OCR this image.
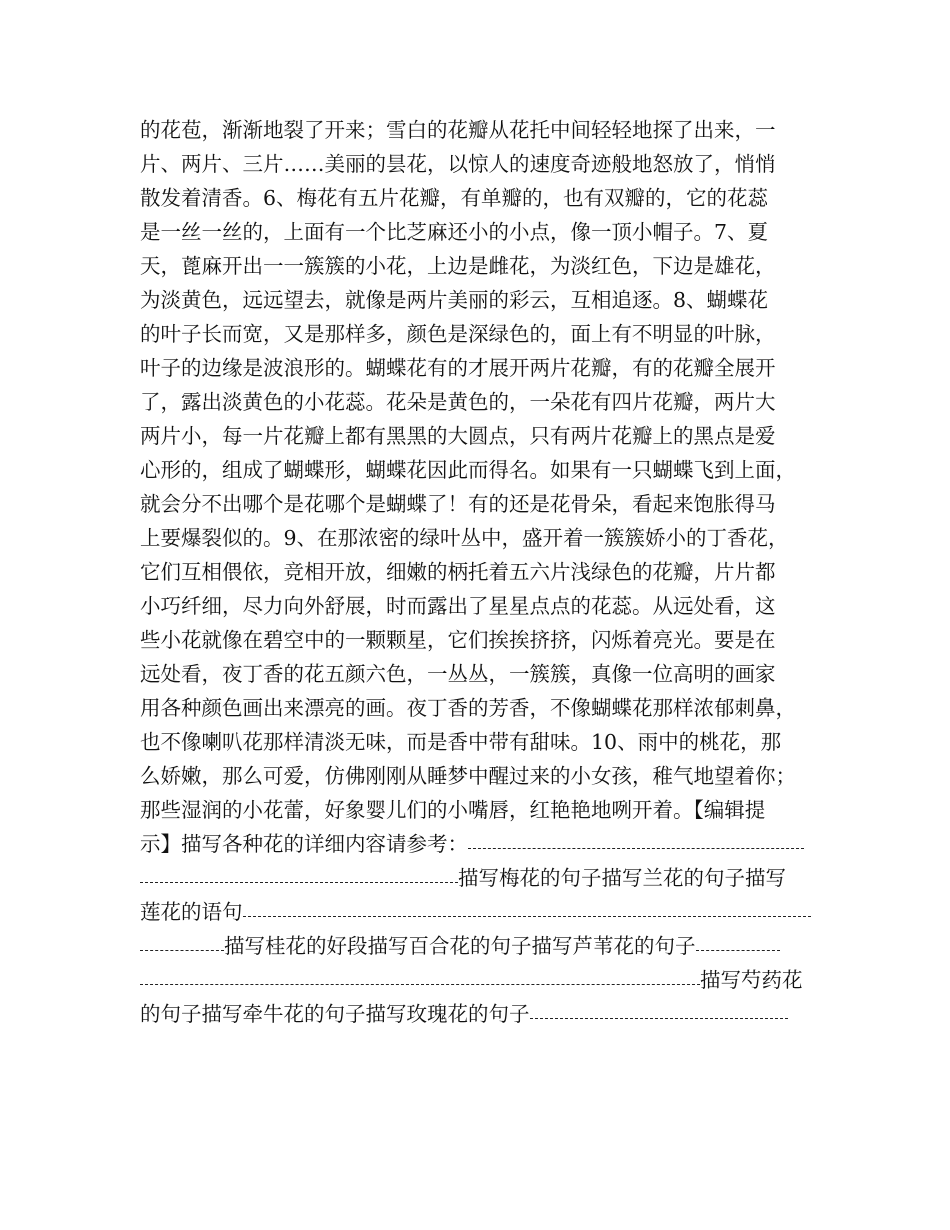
的花苞，渐渐地裂了开来；雪白的花瓣从花托中间轻轻地探了出来，一
片、两片、三片……美丽的昙花，以惊人的速度奇迹般地怒放了，悄悄
散发着清香。6、梅花有五片花瓣，有单瓣的，也有双瓣的，它的花蕊
是一丝一丝的，上面有一个比芝麻还小的小点，像一顶小帽子。7、夏
天，蓖麻开出一一簇簇的小花，上边是雌花，为淡红色，下边是雄花，
为淡黄色，远远望去，就像是两片美丽的彩云，互相追逐。8、蝴蝶花
的叶子长而宽，又是那样多，颜色是深绿色的，面上有不明显的叶脉，
叶子的边缘是波浪形的。蝴蝶花有的才展开两片花瓣，有的花瓣全展开
了，露出淡黄色的小花蕊。花朵是黄色的，一朵花有四片花瓣，两片大
两片小，每一片花瓣上都有黑黑的大圆点，只有两片花瓣上的黑点是爱
心形的，组成了蝴蝶形，蝴蝶花因此而得名。如果有一只蝴蝶飞到上面，
就会分不出哪个是花哪个是蝴蝶了！有的还是花骨朵，看起来饱胀得马
上要爆裂似的。9、在那浓密的绿叶丛中，盛开着一簇簇娇小的丁香花，
它们互相偎依，竞相开放，细嫩的柄托着五六片浅绿色的花瓣，片片都
小巧纤细，尽力向外舒展，时而露出了星星点点的花蕊。从远处看，这
些小花就像在碧空中的一颗颗星，它们挨挨挤挤，闪烁着亮光。要是在
远处看，夜丁香的花五颜六色，一丛丛，一簇簇，真像一位高明的画家
用各种颜色画出来漂亮的画。夜丁香的芳香，不像蝴蝶花那样浓郁刺鼻，
也不像喇叭花那样清淡无味，而是香中带有甜味。10、雨中的桃花，那
么娇嫩，那么可爱，仿佛刚刚从睡梦中醒过来的小女孩，稚气地望着你；
那些湿润的小花蕾，好象婴儿们的小嘴唇，红艳艳地咧开着。【编辑提
示】描写各种花的详细内容请参考：
描写梅花的句子描写兰花的句子描写
莲花的语句
描写桂花的好段描写百合花的句子描写芦苇花的句子
描写芍药花
的句子描写牵牛花的句子描写玫瑰花的句子
